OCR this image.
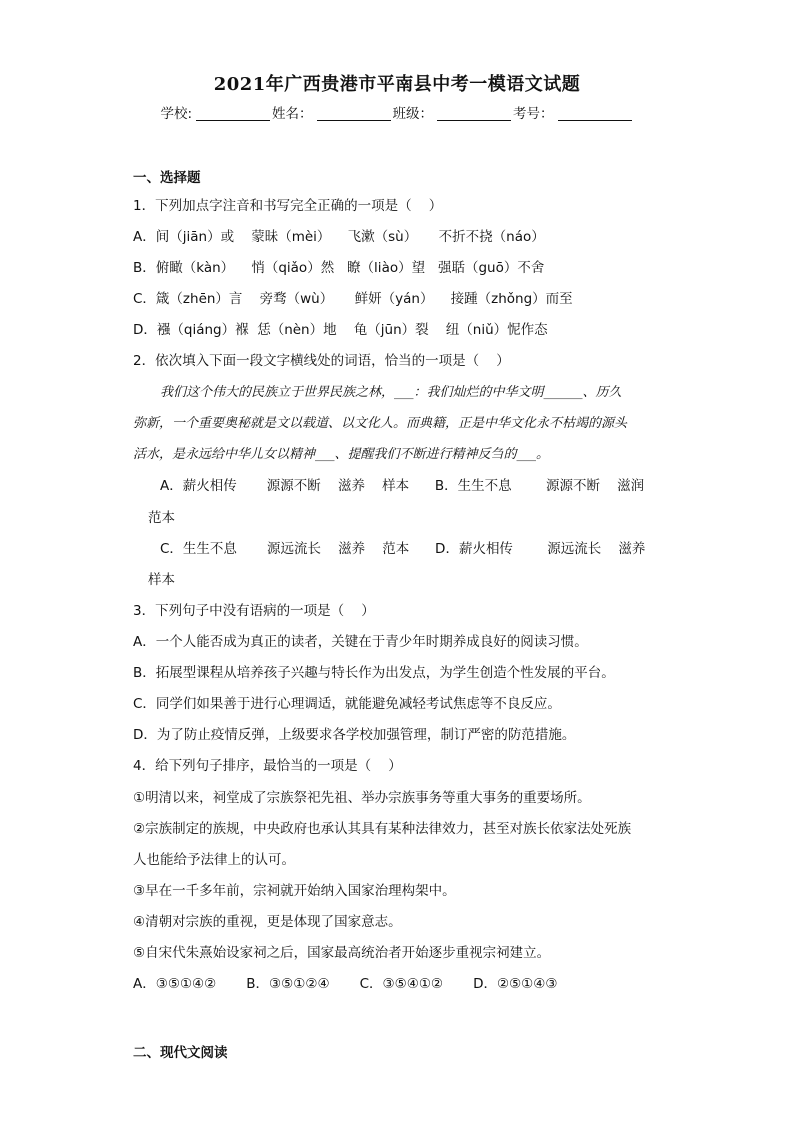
2021年广西贵港市平南县中考一模语文试题
学校:	姓名：	班级：	考号：
一、选择题
1．下列加点字注音和书写完全正确的一项是（    ）
A．间（jiān）或    蒙昧（mèi）    飞漱（sù）     不折不挠（náo）
B．俯瞰（kàn）    悄（qiǎo）然   瞭（liào）望   强聒（guō）不舍
C．箴（zhēn）言    旁骛（wù）     鲜妍（yán）    接踵（zhǒng）而至
D．襁（qiáng）褓  恁（nèn）地    龟（jūn）裂    纽（niǔ）怩作态
2．依次填入下面一段文字横线处的词语，恰当的一项是（    ）
我们这个伟大的民族立于世界民族之林，___：我们灿烂的中华文明______、历久
弥新，一个重要奥秘就是文以载道、以文化人。而典籍，正是中华文化永不枯竭的源头
活水，是永远给中华儿女以精神___、提醒我们不断进行精神反刍的___。
A．薪火相传       源源不断    滋养    样本      B．生生不息        源源不断    滋润
范本
C．生生不息       源远流长    滋养    范本      D．薪火相传        源远流长    滋养
样本
3．下列句子中没有语病的一项是（    ）
A．一个人能否成为真正的读者，关键在于青少年时期养成良好的阅读习惯。
B．拓展型课程从培养孩子兴趣与特长作为出发点，为学生创造个性发展的平台。
C．同学们如果善于进行心理调适，就能避免减轻考试焦虑等不良反应。
D．为了防止疫情反弹，上级要求各学校加强管理，制订严密的防范措施。
4．给下列句子排序，最恰当的一项是（    ）
①明清以来，祠堂成了宗族祭祀先祖、举办宗族事务等重大事务的重要场所。
②宗族制定的族规，中央政府也承认其具有某种法律效力，甚至对族长依家法处死族
人也能给予法律上的认可。
③早在一千多年前，宗祠就开始纳入国家治理构架中。
④清朝对宗族的重视，更是体现了国家意志。
⑤自宋代朱熹始设家祠之后，国家最高统治者开始逐步重视宗祠建立。
A．③⑤①④②       B．③⑤①②④       C．③⑤④①②       D．②⑤①④③
二、现代文阅读
